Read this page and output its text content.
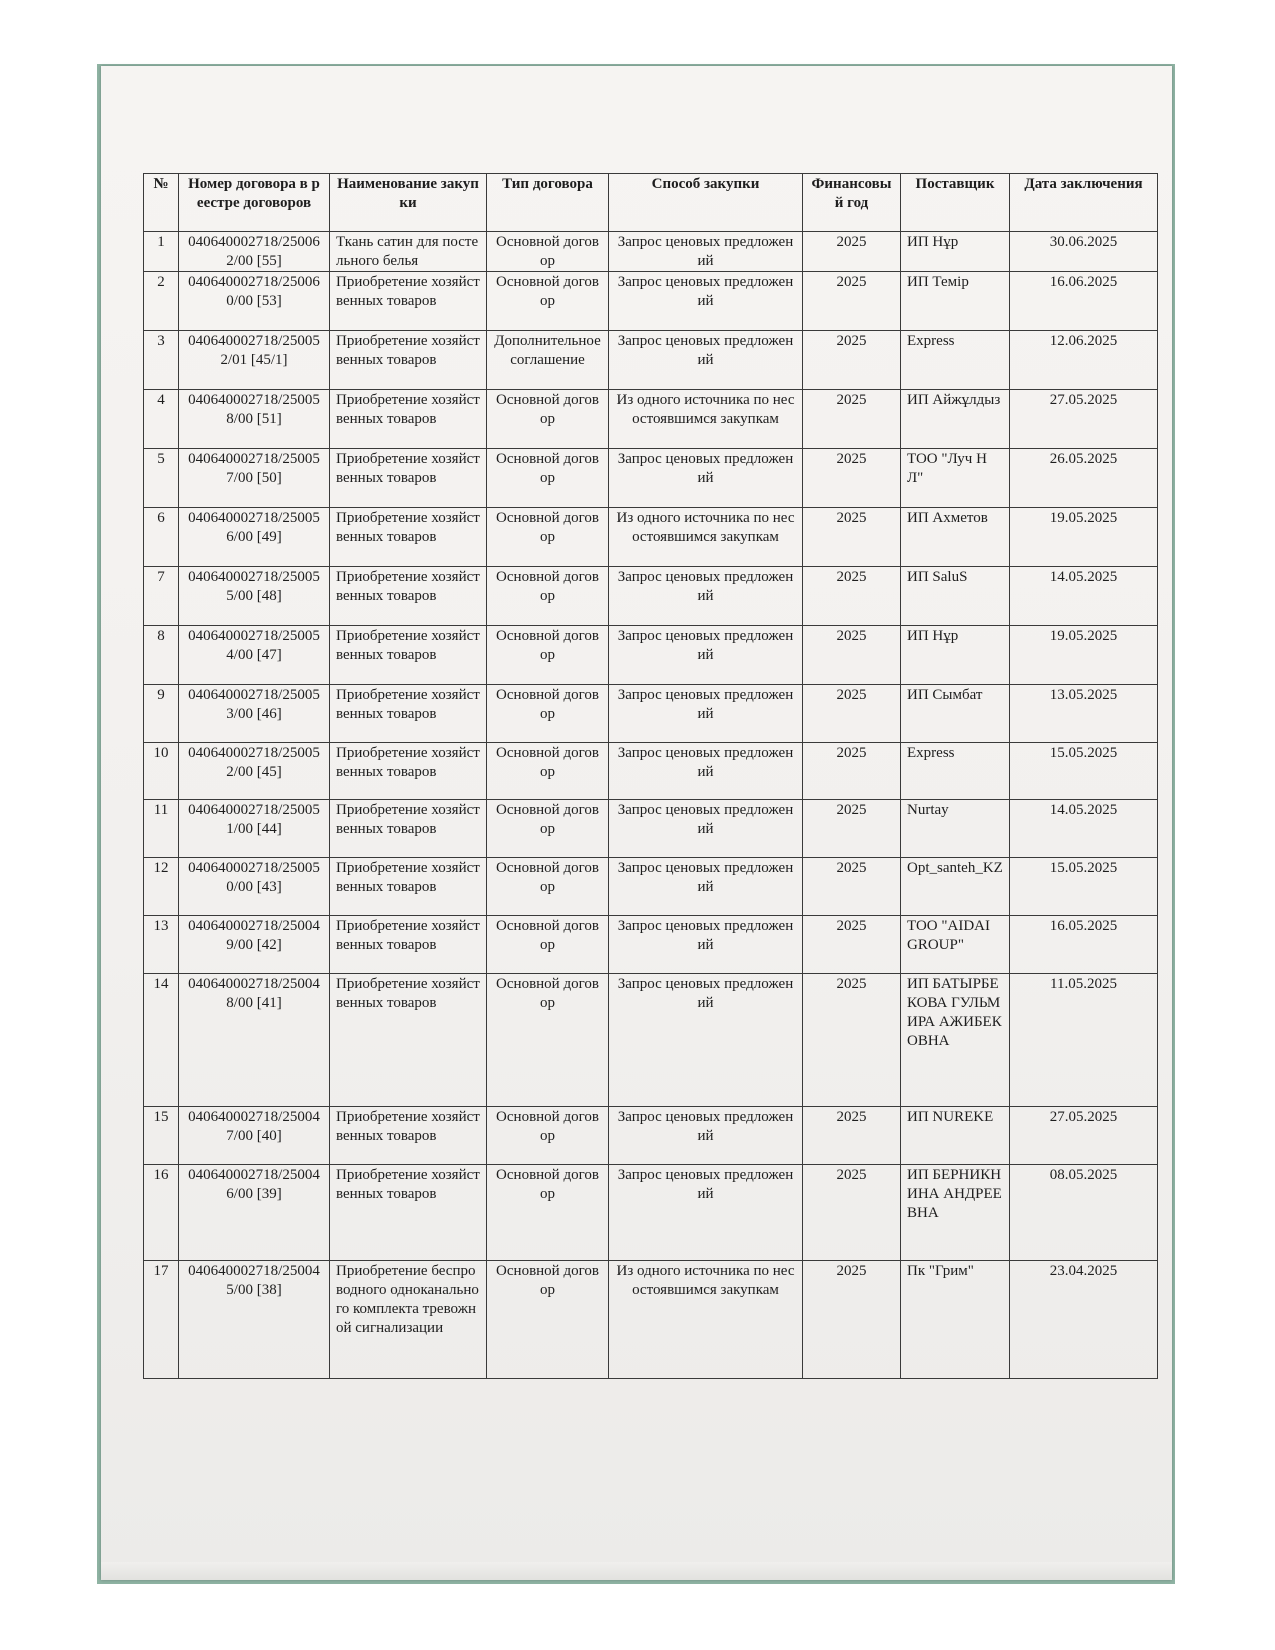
№	Номер договора в реестре договоров	Наименование закупки	Тип договора	Способ закупки	Финансовый год	Поставщик	Дата заключения
1	040640002718/250062/00 [55]	Ткань сатин для постельного белья	Основной договор	Запрос ценовых предложений	2025	ИП Нұр	30.06.2025
2	040640002718/250060/00 [53]	Приобретение хозяйственных товаров	Основной договор	Запрос ценовых предложений	2025	ИП Темір	16.06.2025
3	040640002718/250052/01 [45/1]	Приобретение хозяйственных товаров	Дополнительное соглашение	Запрос ценовых предложений	2025	Express	12.06.2025
4	040640002718/250058/00 [51]	Приобретение хозяйственных товаров	Основной договор	Из одного источника по несостоявшимся закупкам	2025	ИП Айжұлдыз	27.05.2025
5	040640002718/250057/00 [50]	Приобретение хозяйственных товаров	Основной договор	Запрос ценовых предложений	2025	ТОО "Луч НЛ"	26.05.2025
6	040640002718/250056/00 [49]	Приобретение хозяйственных товаров	Основной договор	Из одного источника по несостоявшимся закупкам	2025	ИП Ахметов	19.05.2025
7	040640002718/250055/00 [48]	Приобретение хозяйственных товаров	Основной договор	Запрос ценовых предложений	2025	ИП SaluS	14.05.2025
8	040640002718/250054/00 [47]	Приобретение хозяйственных товаров	Основной договор	Запрос ценовых предложений	2025	ИП Нұр	19.05.2025
9	040640002718/250053/00 [46]	Приобретение хозяйственных товаров	Основной договор	Запрос ценовых предложений	2025	ИП Сымбат	13.05.2025
10	040640002718/250052/00 [45]	Приобретение хозяйственных товаров	Основной договор	Запрос ценовых предложений	2025	Express	15.05.2025
11	040640002718/250051/00 [44]	Приобретение хозяйственных товаров	Основной договор	Запрос ценовых предложений	2025	Nurtay	14.05.2025
12	040640002718/250050/00 [43]	Приобретение хозяйственных товаров	Основной договор	Запрос ценовых предложений	2025	Opt_santeh_KZ	15.05.2025
13	040640002718/250049/00 [42]	Приобретение хозяйственных товаров	Основной договор	Запрос ценовых предложений	2025	ТОО "AIDAI GROUP"	16.05.2025
14	040640002718/250048/00 [41]	Приобретение хозяйственных товаров	Основной договор	Запрос ценовых предложений	2025	ИП БАТЫРБЕКОВА ГУЛЬМИРА АЖИБЕКОВНА	11.05.2025
15	040640002718/250047/00 [40]	Приобретение хозяйственных товаров	Основной договор	Запрос ценовых предложений	2025	ИП NUREKE	27.05.2025
16	040640002718/250046/00 [39]	Приобретение хозяйственных товаров	Основной договор	Запрос ценовых предложений	2025	ИП БЕРНИКНИНА АНДРЕЕВНА	08.05.2025
17	040640002718/250045/00 [38]	Приобретение беспроводного одноканального комплекта тревожной сигнализации	Основной договор	Из одного источника по несостоявшимся закупкам	2025	Пк "Грим"	23.04.2025
